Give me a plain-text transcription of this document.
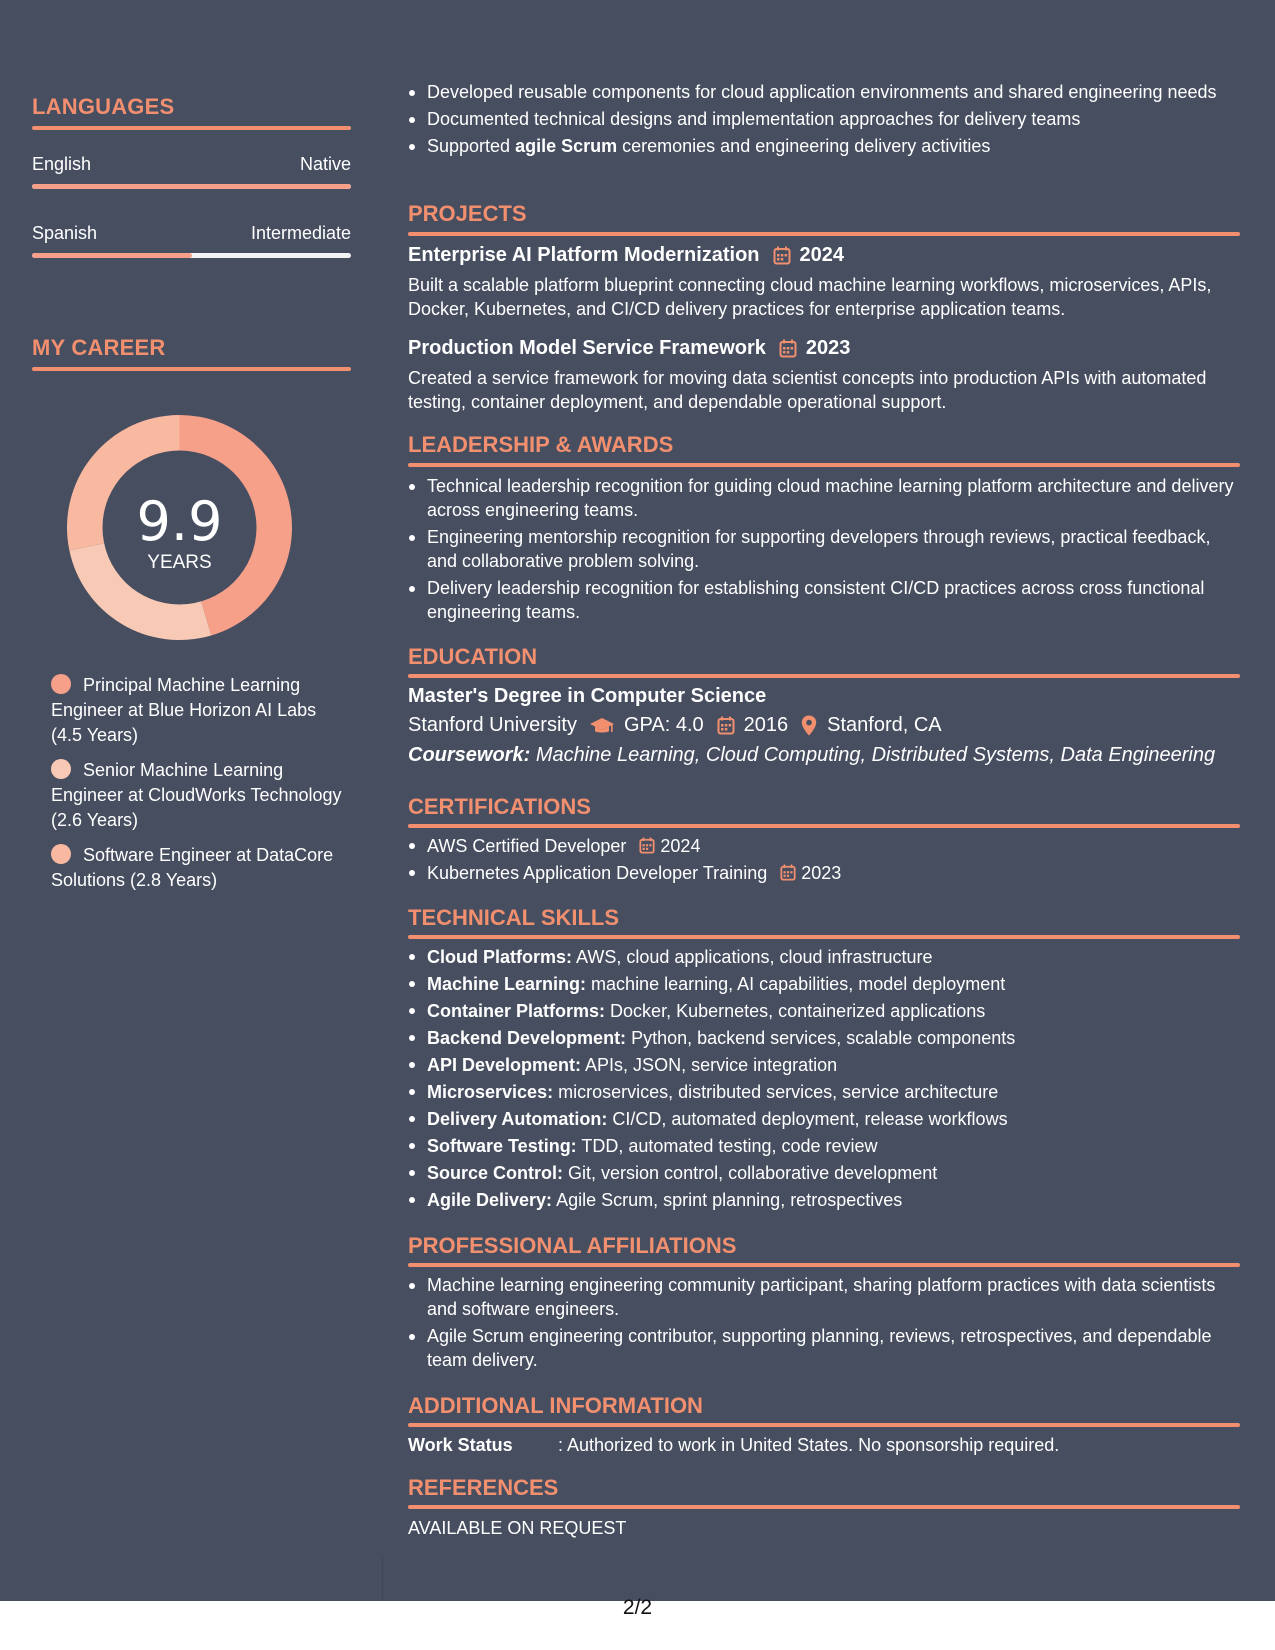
LANGUAGES
English	Native
Spanish	Intermediate
MY CAREER
9.9
YEARS
Principal Machine Learning Engineer at Blue Horizon AI Labs (4.5 Years)
Senior Machine Learning Engineer at CloudWorks Technology (2.6 Years)
Software Engineer at DataCore Solutions (2.8 Years)
Developed reusable components for cloud application environments and shared engineering needs
Documented technical designs and implementation approaches for delivery teams
Supported agile Scrum ceremonies and engineering delivery activities
PROJECTS
Enterprise AI Platform Modernization 2024
Built a scalable platform blueprint connecting cloud machine learning workflows, microservices, APIs, Docker, Kubernetes, and CI/CD delivery practices for enterprise application teams.
Production Model Service Framework 2023
Created a service framework for moving data scientist concepts into production APIs with automated testing, container deployment, and dependable operational support.
LEADERSHIP & AWARDS
Technical leadership recognition for guiding cloud machine learning platform architecture and delivery across engineering teams.
Engineering mentorship recognition for supporting developers through reviews, practical feedback, and collaborative problem solving.
Delivery leadership recognition for establishing consistent CI/CD practices across cross functional engineering teams.
EDUCATION
Master's Degree in Computer Science
Stanford University GPA: 4.0 2016 Stanford, CA
Coursework: Machine Learning, Cloud Computing, Distributed Systems, Data Engineering
CERTIFICATIONS
AWS Certified Developer 2024
Kubernetes Application Developer Training 2023
TECHNICAL SKILLS
Cloud Platforms: AWS, cloud applications, cloud infrastructure
Machine Learning: machine learning, AI capabilities, model deployment
Container Platforms: Docker, Kubernetes, containerized applications
Backend Development: Python, backend services, scalable components
API Development: APIs, JSON, service integration
Microservices: microservices, distributed services, service architecture
Delivery Automation: CI/CD, automated deployment, release workflows
Software Testing: TDD, automated testing, code review
Source Control: Git, version control, collaborative development
Agile Delivery: Agile Scrum, sprint planning, retrospectives
PROFESSIONAL AFFILIATIONS
Machine learning engineering community participant, sharing platform practices with data scientists and software engineers.
Agile Scrum engineering contributor, supporting planning, reviews, retrospectives, and dependable team delivery.
ADDITIONAL INFORMATION
Work Status	: Authorized to work in United States. No sponsorship required.
REFERENCES
AVAILABLE ON REQUEST
2/2
